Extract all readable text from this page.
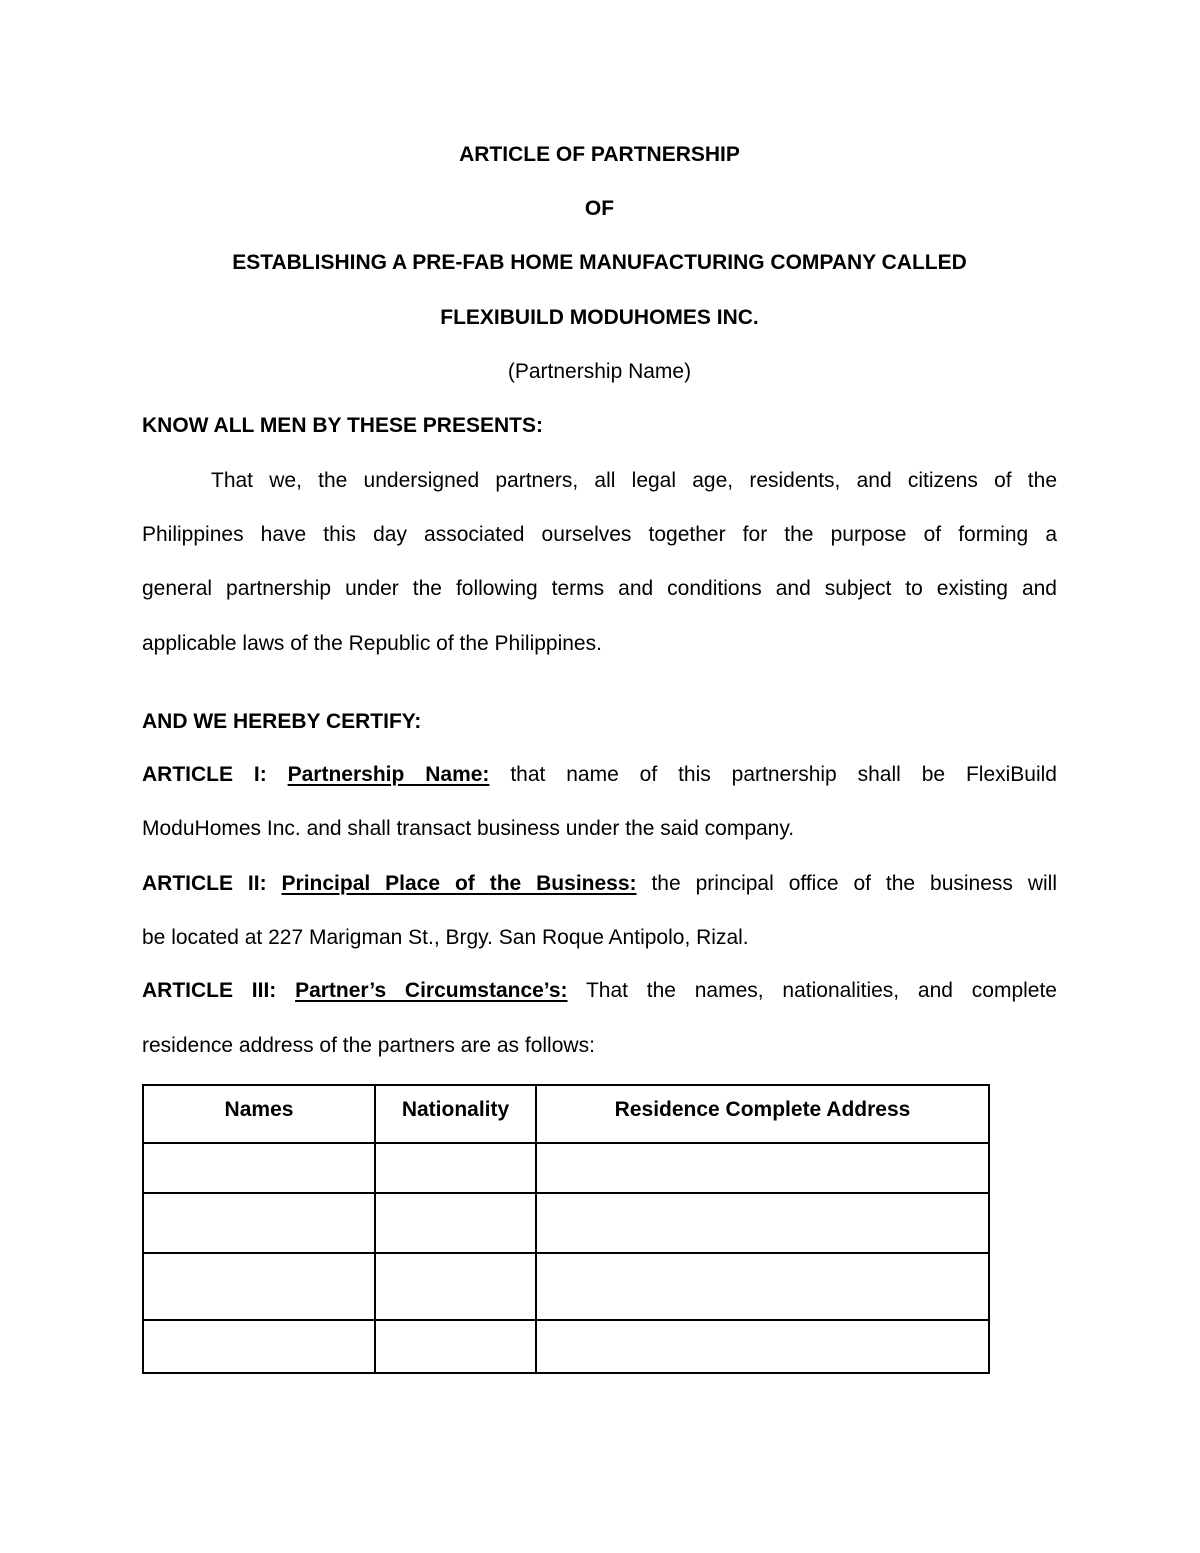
ARTICLE OF PARTNERSHIP
OF
ESTABLISHING A PRE-FAB HOME MANUFACTURING COMPANY CALLED
FLEXIBUILD MODUHOMES INC.
(Partnership Name)
KNOW ALL MEN BY THESE PRESENTS:
That we, the undersigned partners, all legal age, residents, and citizens of the
Philippines have this day associated ourselves together for the purpose of forming a
general partnership under the following terms and conditions and subject to existing and
applicable laws of the Republic of the Philippines.
AND WE HEREBY CERTIFY:
ARTICLE I: Partnership Name: that name of this partnership shall be FlexiBuild
ModuHomes Inc. and shall transact business under the said company.
ARTICLE II: Principal Place of the Business: the principal office of the business will
be located at 227 Marigman St., Brgy. San Roque Antipolo, Rizal.
ARTICLE III: Partner’s Circumstance’s: That the names, nationalities, and complete
residence address of the partners are as follows:
Names	Nationality	Residence Complete Address
